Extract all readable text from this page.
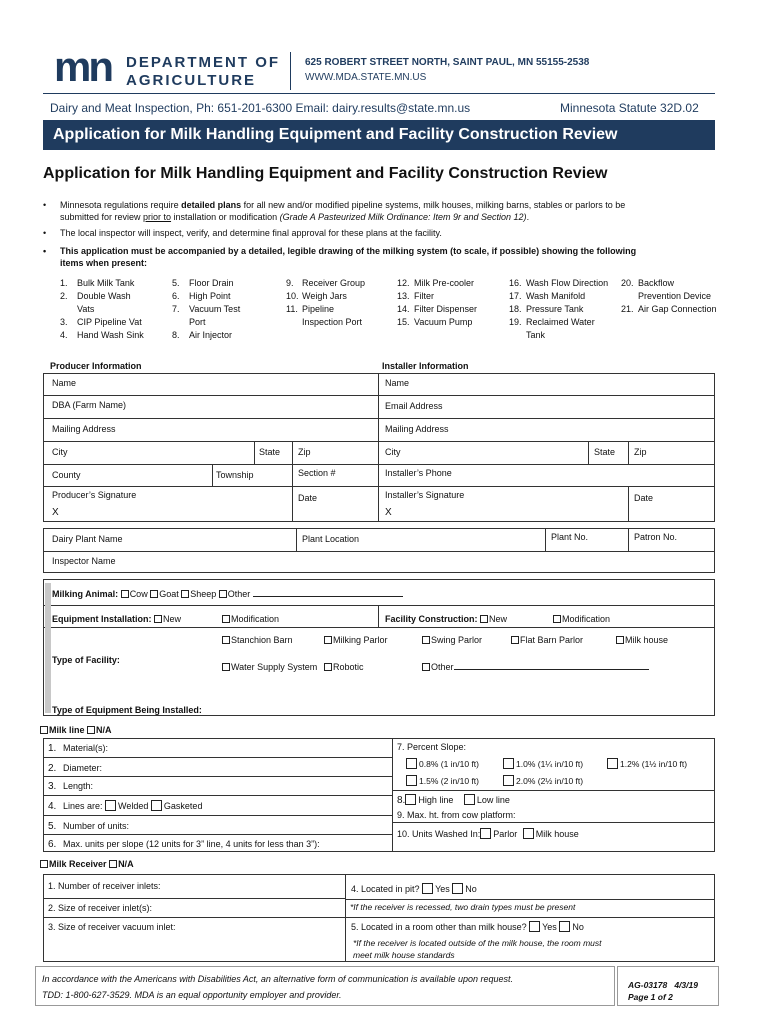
mn DEPARTMENT OF
AGRICULTURE
625 ROBERT STREET NORTH, SAINT PAUL, MN 55155-2538
WWW.MDA.STATE.MN.US
Dairy and Meat Inspection, Ph: 651-201-6300 Email: dairy.results@state.mn.us	Minnesota Statute 32D.02
Application for Milk Handling Equipment and Facility Construction Review
Application for Milk Handling Equipment and Facility Construction Review
• Minnesota regulations require detailed plans for all new and/or modified pipeline systems, milk houses, milking barns, stables or parlors to be
submitted for review prior to installation or modification (Grade A Pasteurized Milk Ordinance: Item 9r and Section 12).
• The local inspector will inspect, verify, and determine final approval for these plans at the facility.
• This application must be accompanied by a detailed, legible drawing of the milking system (to scale, if possible) showing the following
items when present:
1. Bulk Milk Tank
2. Double Wash
Vats
3. CIP Pipeline Vat
4. Hand Wash Sink
5. Floor Drain
6. High Point
7. Vacuum Test
Port
8. Air Injector
9. Receiver Group
10. Weigh Jars
11. Pipeline
Inspection Port
12. Milk Pre-cooler
13. Filter
14. Filter Dispenser
15. Vacuum Pump
16. Wash Flow Direction
17. Wash Manifold
18. Pressure Tank
19. Reclaimed Water
Tank
20. Backflow
Prevention Device
21. Air Gap Connection
Producer Information	Installer Information
Name
DBA (Farm Name)
Mailing Address
City	State Zip
County	Township	Section #
Producer’s Signature
X
Date
Name
Email Address
Mailing Address
City	State Zip
Installer’s Phone
Installer’s Signature
X
Date
Dairy Plant Name	Plant Location	Plant No.	Patron No.
Inspector Name
Milking Animal: Cow Goat Sheep Other
Equipment Installation: New	Modification	Facility Construction: New	Modification
Type of Facility:
Stanchion Barn	Milking Parlor	Swing Parlor	Flat Barn Parlor	Milk house
Water Supply System	Robotic	Other
Type of Equipment Being Installed:
Milk line N/A
1. Material(s):
2. Diameter:
3. Length:
4. Lines are: Welded Gasketed
5. Number of units:
6. Max. units per slope (12 units for 3” line, 4 units for less than 3”):
7. Percent Slope:
0.8% (1 in/10 ft)	1.0% (1¼ in/10 ft)	1.2% (1½ in/10 ft)
1.5% (2 in/10 ft)	2.0% (2½ in/10 ft)
8. High line	Low line
9. Max. ht. from cow platform:
10. Units Washed In: Parlor Milk house
Milk Receiver N/A
1. Number of receiver inlets:
2. Size of receiver inlet(s):
3. Size of receiver vacuum inlet:
4. Located in pit? Yes No
*If the receiver is recessed, two drain types must be present
5. Located in a room other than milk house? Yes No
*If the receiver is located outside of the milk house, the room must
meet milk house standards
In accordance with the Americans with Disabilities Act, an alternative form of communication is available upon request.
TDD: 1-800-627-3529. MDA is an equal opportunity employer and provider.
AG-03178 4/3/19
Page 1 of 2
